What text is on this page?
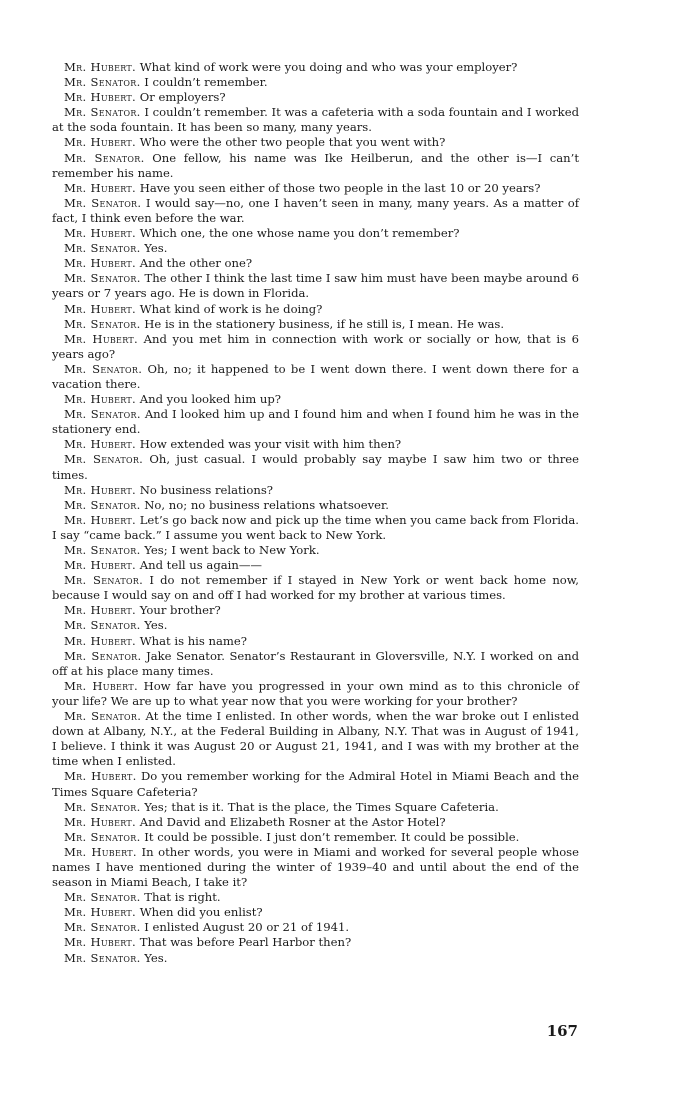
Mr. Hubert. What kind of work were you doing and who was your employer?

Mr. Senator. I couldn’t remember.

Mr. Hubert. Or employers?

Mr. Senator. I couldn’t remember. It was a cafeteria with a soda fountain and I worked at the soda fountain. It has been so many, many years.

Mr. Hubert. Who were the other two people that you went with?

Mr. Senator. One fellow, his name was Ike Heilberun, and the other is—I can’t remember his name.

Mr. Hubert. Have you seen either of those two people in the last 10 or 20 years?

Mr. Senator. I would say—no, one I haven’t seen in many, many years. As a matter of fact, I think even before the war.

Mr. Hubert. Which one, the one whose name you don’t remember?

Mr. Senator. Yes.

Mr. Hubert. And the other one?

Mr. Senator. The other I think the last time I saw him must have been maybe around 6 years or 7 years ago. He is down in Florida.

Mr. Hubert. What kind of work is he doing?

Mr. Senator. He is in the stationery business, if he still is, I mean. He was.

Mr. Hubert. And you met him in connection with work or socially or how, that is 6 years ago?

Mr. Senator. Oh, no; it happened to be I went down there. I went down there for a vacation there.

Mr. Hubert. And you looked him up?

Mr. Senator. And I looked him up and I found him and when I found him he was in the stationery end.

Mr. Hubert. How extended was your visit with him then?

Mr. Senator. Oh, just casual. I would probably say maybe I saw him two or three times.

Mr. Hubert. No business relations?

Mr. Senator. No, no; no business relations whatsoever.

Mr. Hubert. Let’s go back now and pick up the time when you came back from Florida. I say “came back.” I assume you went back to New York.

Mr. Senator. Yes; I went back to New York.

Mr. Hubert. And tell us again——

Mr. Senator. I do not remember if I stayed in New York or went back home now, because I would say on and off I had worked for my brother at various times.

Mr. Hubert. Your brother?

Mr. Senator. Yes.

Mr. Hubert. What is his name?

Mr. Senator. Jake Senator. Senator’s Restaurant in Gloversville, N.Y. I worked on and off at his place many times.

Mr. Hubert. How far have you progressed in your own mind as to this chronicle of your life? We are up to what year now that you were working for your brother?

Mr. Senator. At the time I enlisted. In other words, when the war broke out I enlisted down at Albany, N.Y., at the Federal Building in Albany, N.Y. That was in August of 1941, I believe. I think it was August 20 or August 21, 1941, and I was with my brother at the time when I enlisted.

Mr. Hubert. Do you remember working for the Admiral Hotel in Miami Beach and the Times Square Cafeteria?

Mr. Senator. Yes; that is it. That is the place, the Times Square Cafeteria.

Mr. Hubert. And David and Elizabeth Rosner at the Astor Hotel?

Mr. Senator. It could be possible. I just don’t remember. It could be possible.

Mr. Hubert. In other words, you were in Miami and worked for several people whose names I have mentioned during the winter of 1939–40 and until about the end of the season in Miami Beach, I take it?

Mr. Senator. That is right.

Mr. Hubert. When did you enlist?

Mr. Senator. I enlisted August 20 or 21 of 1941.

Mr. Hubert. That was before Pearl Harbor then?

Mr. Senator. Yes.

167
